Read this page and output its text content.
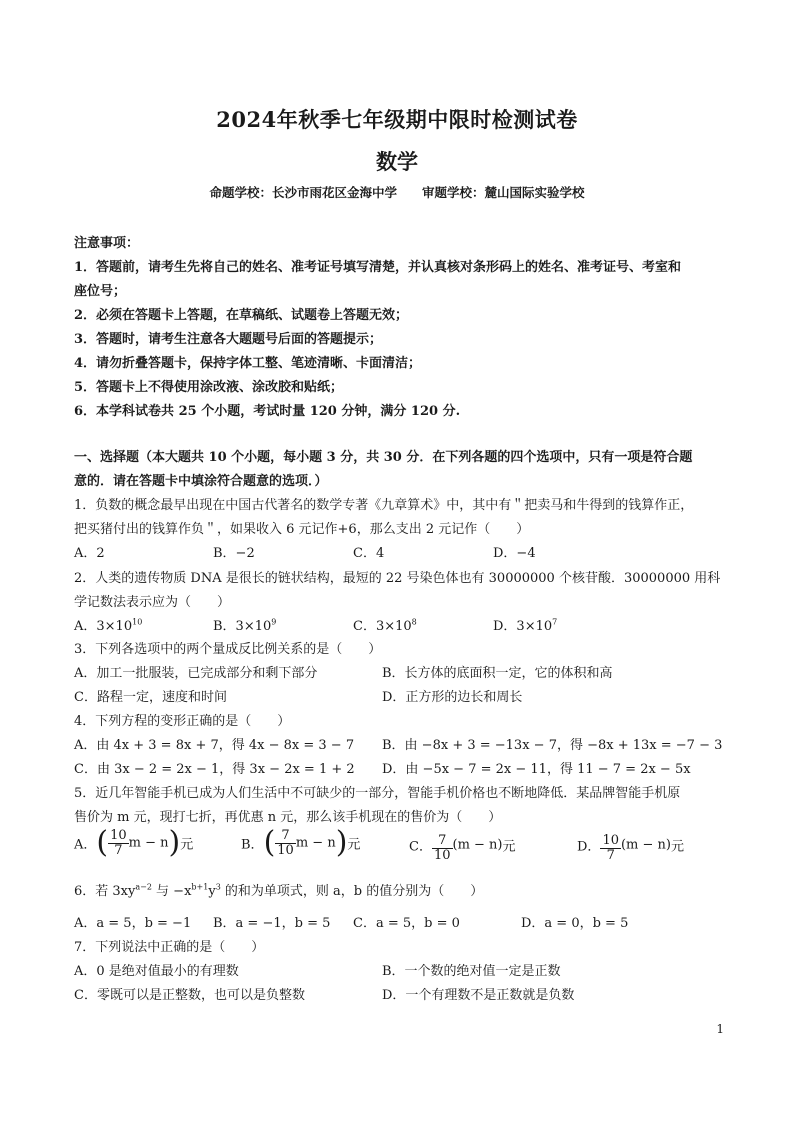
2024年秋季七年级期中限时检测试卷
数学
命题学校：长沙市雨花区金海中学　　审题学校：麓山国际实验学校
注意事项：
1．答题前，请考生先将自己的姓名、准考证号填写清楚，并认真核对条形码上的姓名、准考证号、考室和
座位号；
2．必须在答题卡上答题，在草稿纸、试题卷上答题无效；
3．答题时，请考生注意各大题题号后面的答题提示；
4．请勿折叠答题卡，保持字体工整、笔迹清晰、卡面清洁；
5．答题卡上不得使用涂改液、涂改胶和贴纸；
6．本学科试卷共 25 个小题，考试时量 120 分钟，满分 120 分.
一、选择题（本大题共 10 个小题，每小题 3 分，共 30 分．在下列各题的四个选项中，只有一项是符合题
意的．请在答题卡中填涂符合题意的选项．）
1．负数的概念最早出现在中国古代著名的数学专著《九章算术》中，其中有＂把卖马和牛得到的钱算作正，
把买猪付出的钱算作负＂，如果收入 6 元记作+6，那么支出 2 元记作（　　）
A．2	B．−2	C．4	D．−4
2．人类的遗传物质 DNA 是很长的链状结构，最短的 22 号染色体也有 30000000 个核苷酸．30000000 用科
学记数法表示应为（　　）
A．$3\times 10^{10}$	B．$3\times 10^9$	C．$3\times 10^8$	D．$3\times 10^7$
3．下列各选项中的两个量成反比例关系的是（　　）
A．加工一批服装，已完成部分和剩下部分	B．长方体的底面积一定，它的体积和高
C．路程一定，速度和时间	D．正方形的边长和周长
4．下列方程的变形正确的是（　　）
A．由 4x + 3 = 8x + 7，得 4x − 8x = 3 − 7 B．由 −8x + 3 = −13x − 7，得 −8x + 13x = −7 − 3
C．由 3x − 2 = 2x − 1，得 3x − 2x = 1 + 2 D．由 −5x − 7 = 2x − 11，得 11 − 7 = 2x − 5x
5．近几年智能手机已成为人们生活中不可缺少的一部分，智能手机价格也不断地降低．某品牌智能手机原
售价为 m 元，现打七折，再优惠 n 元，那么该手机现在的售价为（　　）
A．( $\frac{10}{7}$ m − n)元	B．( $\frac{7}{10}$ m − n)元	C． $\frac{7}{10} (m - n)$元	D． $\frac{10}{7} (m - n)$元
6．若 $3xy^{a-2}$ 与 $-x^{b+1}y^3$ 的和为单项式，则 a，b 的值分别为（　　）
A．a = 5，b = −1 B．a = −1，b = 5 C．a = 5，b = 0	D．a = 0，b = 5
7．下列说法中正确的是（　　）
A．0 是绝对值最小的有理数	B．一个数的绝对值一定是正数
C．零既可以是正整数，也可以是负整数	D．一个有理数不是正数就是负数
1
